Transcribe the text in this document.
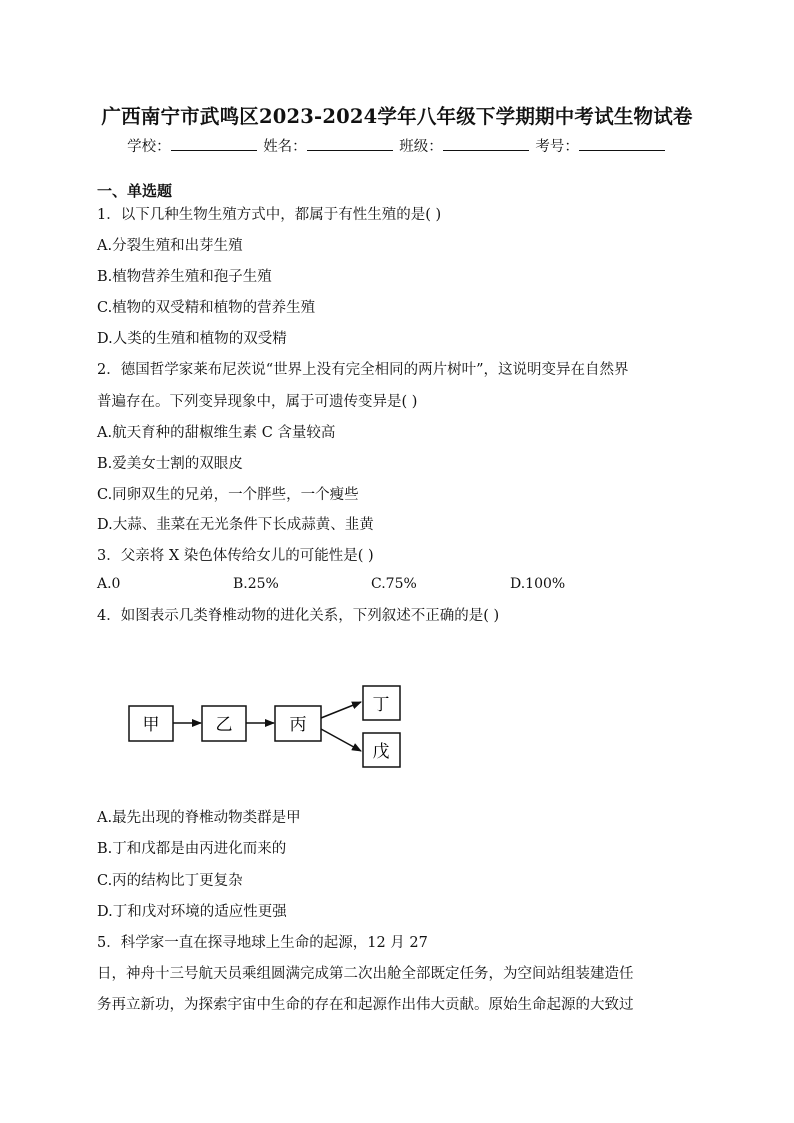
广西南宁市武鸣区2023-2024学年八年级下学期期中考试生物试卷
学校：	姓名：	班级：	考号：
一、单选题
1．以下几种生物生殖方式中，都属于有性生殖的是( )
A.分裂生殖和出芽生殖
B.植物营养生殖和孢子生殖
C.植物的双受精和植物的营养生殖
D.人类的生殖和植物的双受精
2．德国哲学家莱布尼茨说“世界上没有完全相同的两片树叶”，这说明变异在自然界
普遍存在。下列变异现象中，属于可遗传变异是( )
A.航天育种的甜椒维生素 C 含量较高
B.爱美女士割的双眼皮
C.同卵双生的兄弟，一个胖些，一个瘦些
D.大蒜、韭菜在无光条件下长成蒜黄、韭黄
3．父亲将 X 染色体传给女儿的可能性是( )
A.0	B.25%	C.75%	D.100%
4．如图表示几类脊椎动物的进化关系，下列叙述不正确的是( )
甲	乙	丙
丁
戊
A.最先出现的脊椎动物类群是甲
B.丁和戊都是由丙进化而来的
C.丙的结构比丁更复杂
D.丁和戊对环境的适应性更强
5．科学家一直在探寻地球上生命的起源，12 月 27
日，神舟十三号航天员乘组圆满完成第二次出舱全部既定任务，为空间站组装建造任
务再立新功，为探索宇宙中生命的存在和起源作出伟大贡献。原始生命起源的大致过
